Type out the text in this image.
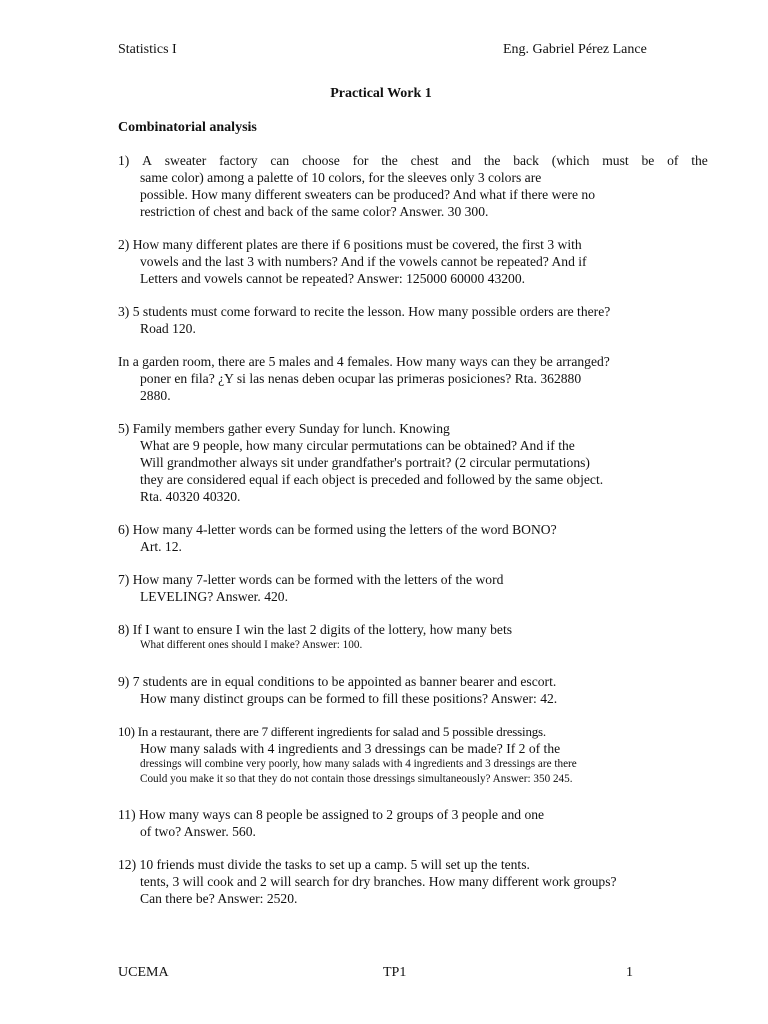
Statistics I	Eng. Gabriel Pérez Lance
Practical Work 1
Combinatorial analysis
1) A sweater factory can choose for the chest and the back (which must be of the
same color) among a palette of 10 colors, for the sleeves only 3 colors are
possible. How many different sweaters can be produced? And what if there were no
restriction of chest and back of the same color? Answer. 30 300.
2) How many different plates are there if 6 positions must be covered, the first 3 with
vowels and the last 3 with numbers? And if the vowels cannot be repeated? And if
Letters and vowels cannot be repeated? Answer: 125000 60000 43200.
3) 5 students must come forward to recite the lesson. How many possible orders are there?
Road 120.
In a garden room, there are 5 males and 4 females. How many ways can they be arranged?
poner en fila? ¿Y si las nenas deben ocupar las primeras posiciones? Rta. 362880
2880.
5) Family members gather every Sunday for lunch. Knowing
What are 9 people, how many circular permutations can be obtained? And if the
Will grandmother always sit under grandfather's portrait? (2 circular permutations)
they are considered equal if each object is preceded and followed by the same object.
Rta. 40320 40320.
6) How many 4-letter words can be formed using the letters of the word BONO?
Art. 12.
7) How many 7-letter words can be formed with the letters of the word
LEVELING? Answer. 420.
8) If I want to ensure I win the last 2 digits of the lottery, how many bets
What different ones should I make? Answer: 100.
9) 7 students are in equal conditions to be appointed as banner bearer and escort.
How many distinct groups can be formed to fill these positions? Answer: 42.
10) In a restaurant, there are 7 different ingredients for salad and 5 possible dressings.
How many salads with 4 ingredients and 3 dressings can be made? If 2 of the
dressings will combine very poorly, how many salads with 4 ingredients and 3 dressings are there
Could you make it so that they do not contain those dressings simultaneously? Answer: 350 245.
11) How many ways can 8 people be assigned to 2 groups of 3 people and one
of two? Answer. 560.
12) 10 friends must divide the tasks to set up a camp. 5 will set up the tents.
tents, 3 will cook and 2 will search for dry branches. How many different work groups?
Can there be? Answer: 2520.
UCEMA	TP1	1
